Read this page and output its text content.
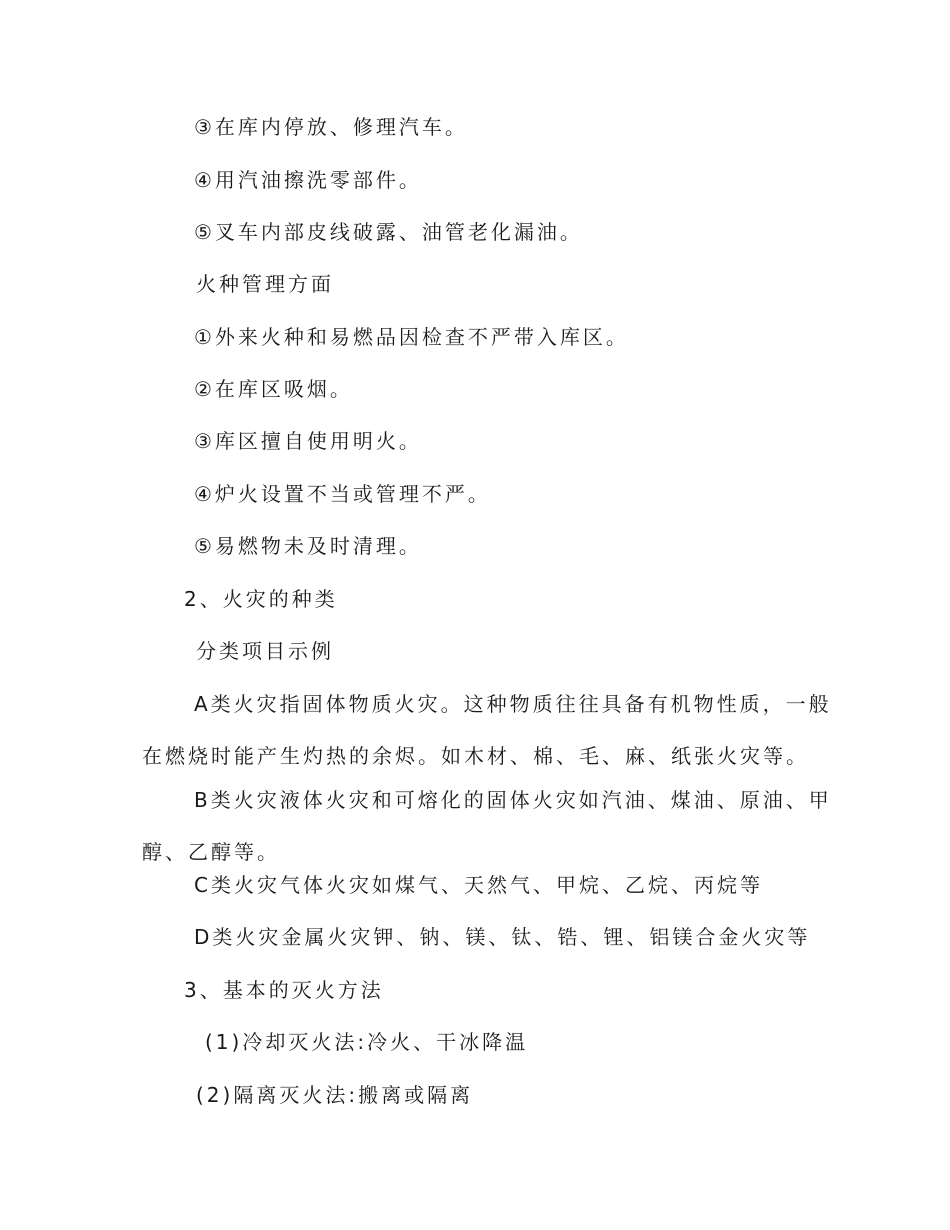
③在库内停放、修理汽车。
④用汽油擦洗零部件。
⑤叉车内部皮线破露、油管老化漏油。
火种管理方面
①外来火种和易燃品因检查不严带入库区。
②在库区吸烟。
③库区擅自使用明火。
④炉火设置不当或管理不严。
⑤易燃物未及时清理。
2、火灾的种类
分类项目示例
A类火灾指固体物质火灾。这种物质往往具备有机物性质，一般
在燃烧时能产生灼热的余烬。如木材、棉、毛、麻、纸张火灾等。
B类火灾液体火灾和可熔化的固体火灾如汽油、煤油、原油、甲
醇、乙醇等。
C类火灾气体火灾如煤气、天然气、甲烷、乙烷、丙烷等
D类火灾金属火灾钾、钠、镁、钛、锆、锂、铝镁合金火灾等
3、基本的灭火方法
(1)冷却灭火法:冷火、干冰降温
(2)隔离灭火法:搬离或隔离
